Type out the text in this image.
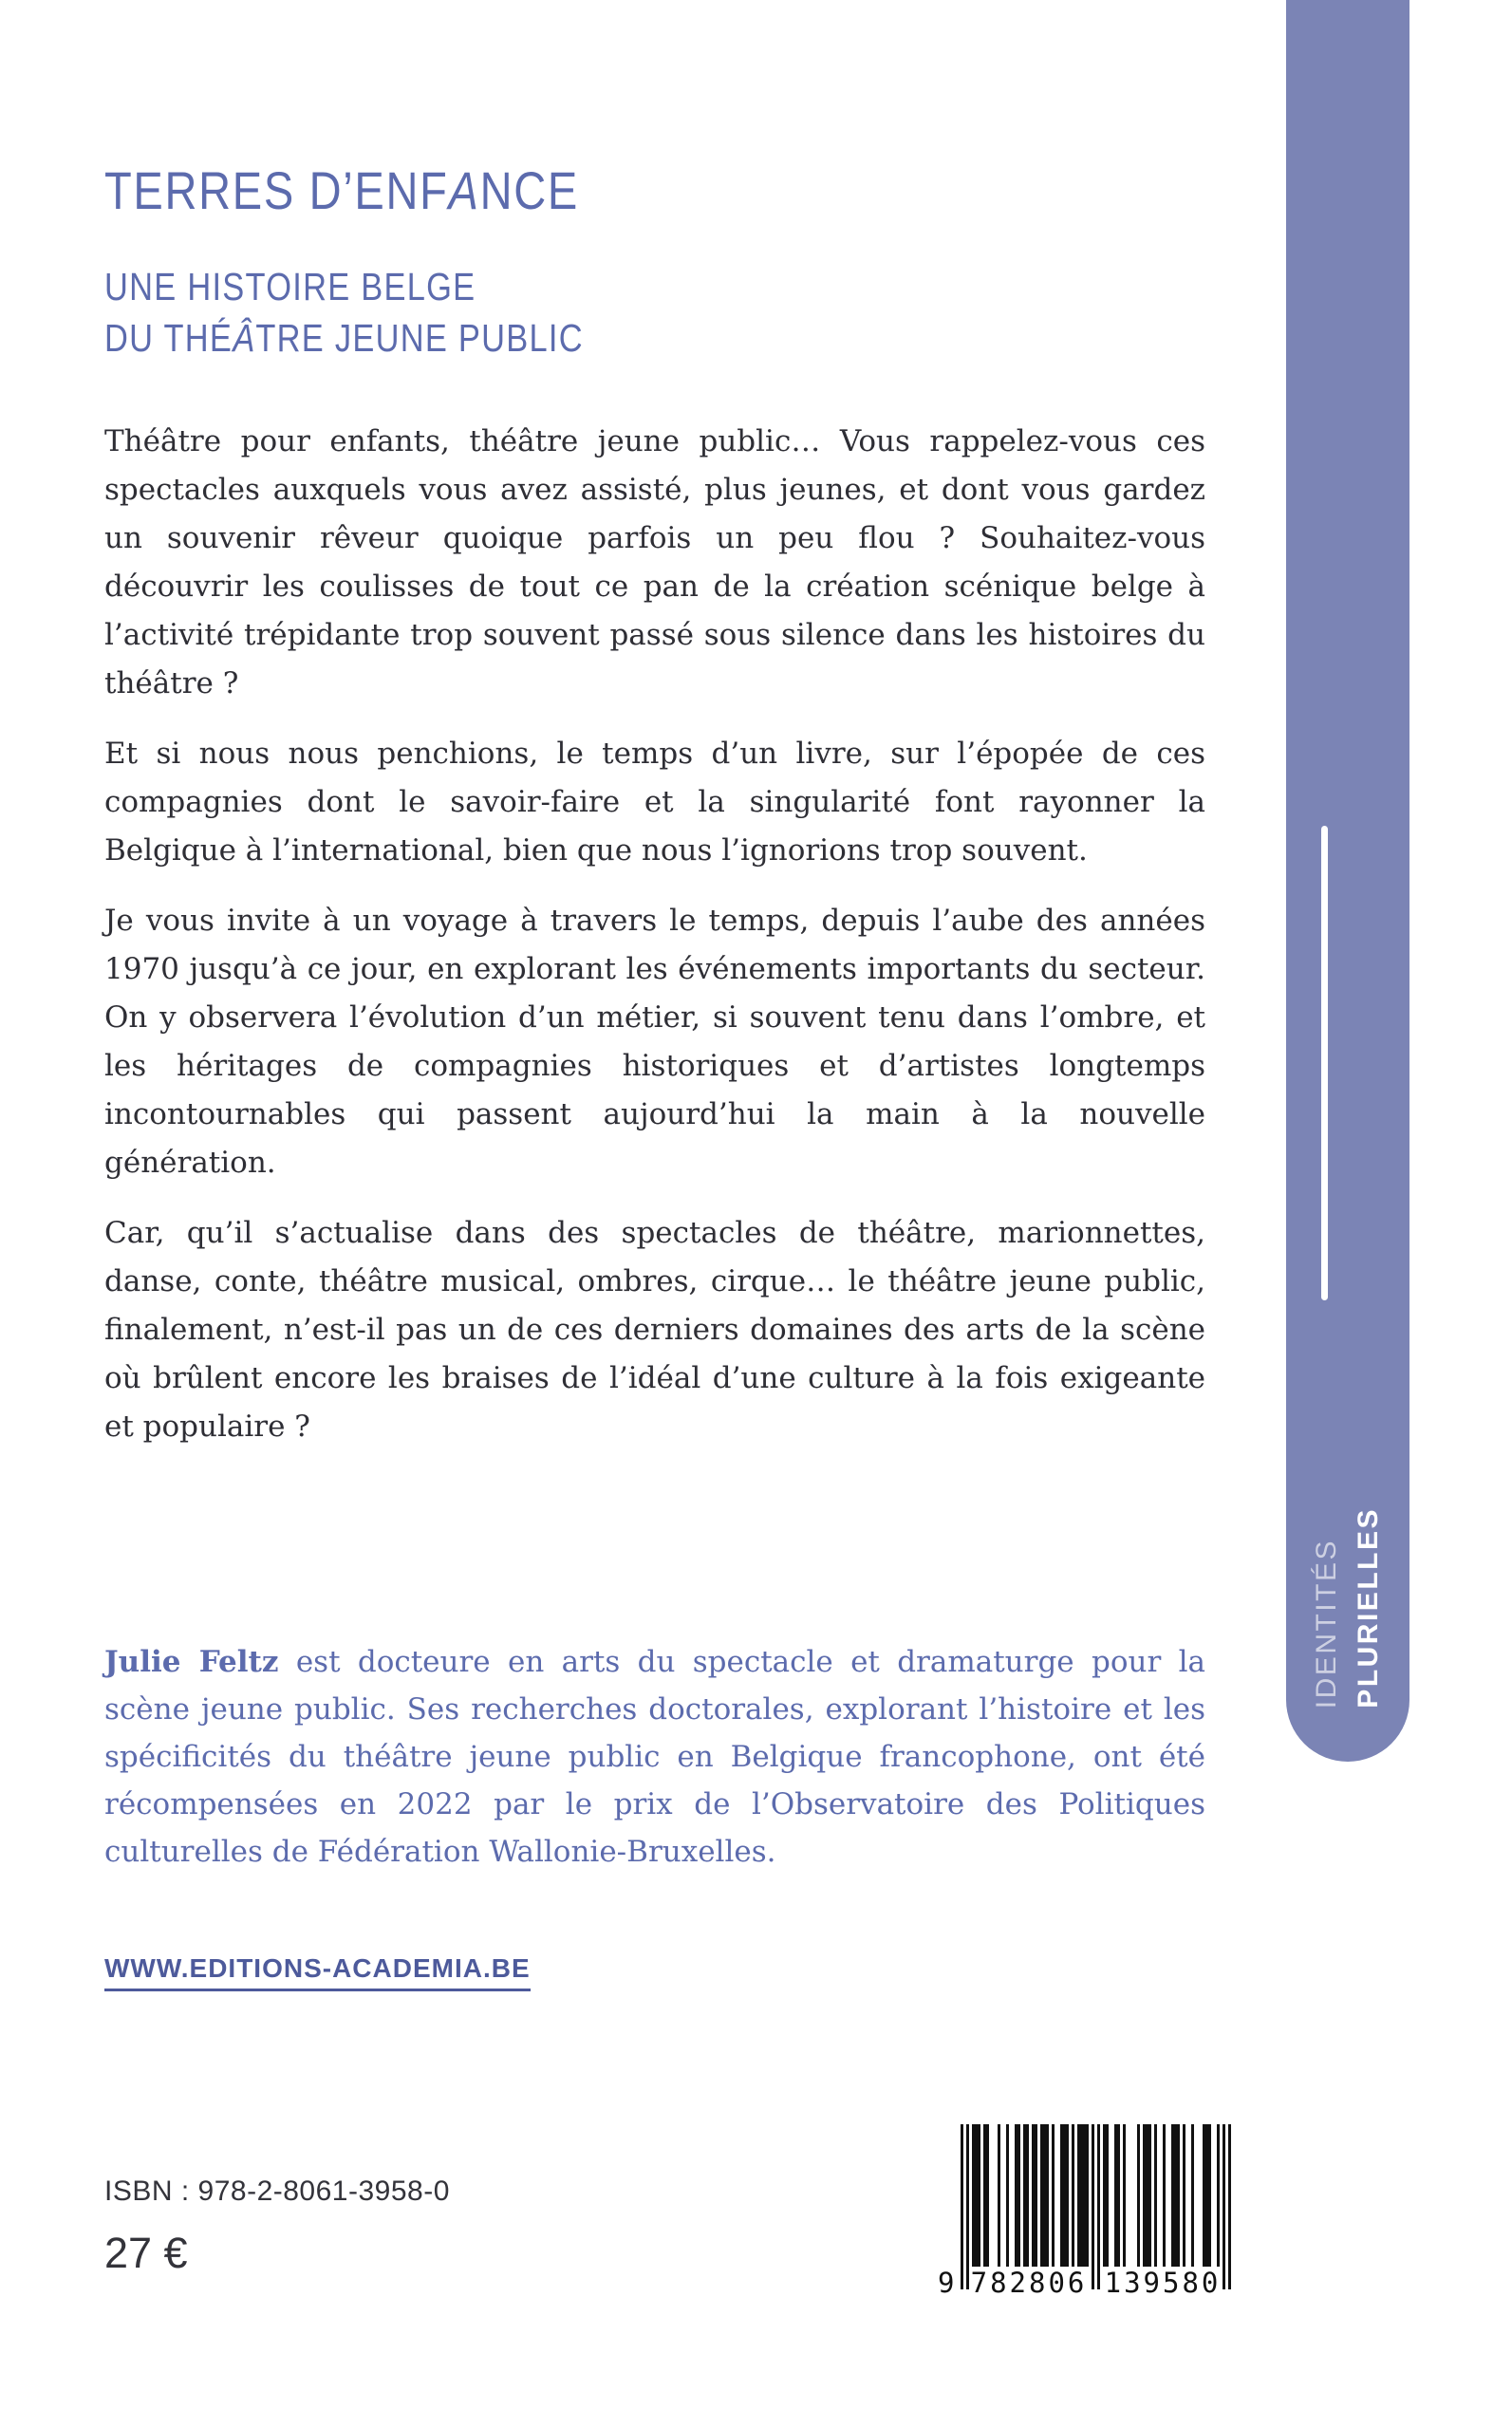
IDENTITÉS PLURIELLES
TERRES D’ENFANCE
UNE HISTOIRE BELGE
DU THÉÂTRE JEUNE PUBLIC

Théâtre pour enfants, théâtre jeune public… Vous rappelez-vous ces spectacles auxquels vous avez assisté, plus jeunes, et dont vous gardez un souvenir rêveur quoique parfois un peu flou ? Souhaitez-vous découvrir les coulisses de tout ce pan de la création scénique belge à l’activité trépidante trop souvent passé sous silence dans les histoires du théâtre ?

Et si nous nous penchions, le temps d’un livre, sur l’épopée de ces compagnies dont le savoir-faire et la singularité font rayonner la Belgique à l’international, bien que nous l’ignorions trop souvent.

Je vous invite à un voyage à travers le temps, depuis l’aube des années 1970 jusqu’à ce jour, en explorant les événements importants du secteur. On y observera l’évolution d’un métier, si souvent tenu dans l’ombre, et les héritages de compagnies historiques et d’artistes longtemps incontournables qui passent aujourd’hui la main à la nouvelle génération.

Car, qu’il s’actualise dans des spectacles de théâtre, marionnettes, danse, conte, théâtre musical, ombres, cirque… le théâtre jeune public, finalement, n’est-il pas un de ces derniers domaines des arts de la scène où brûlent encore les braises de l’idéal d’une culture à la fois exigeante et populaire ?

Julie Feltz est docteure en arts du spectacle et dramaturge pour la scène jeune public. Ses recherches doctorales, explorant l’histoire et les spécificités du théâtre jeune public en Belgique francophone, ont été récompensées en 2022 par le prix de l’Observatoire des Politiques culturelles de Fédération Wallonie-Bruxelles.

WWW.EDITIONS-ACADEMIA.BE
ISBN : 978-2-8061-3958-0
27 €
9 782806 139580
